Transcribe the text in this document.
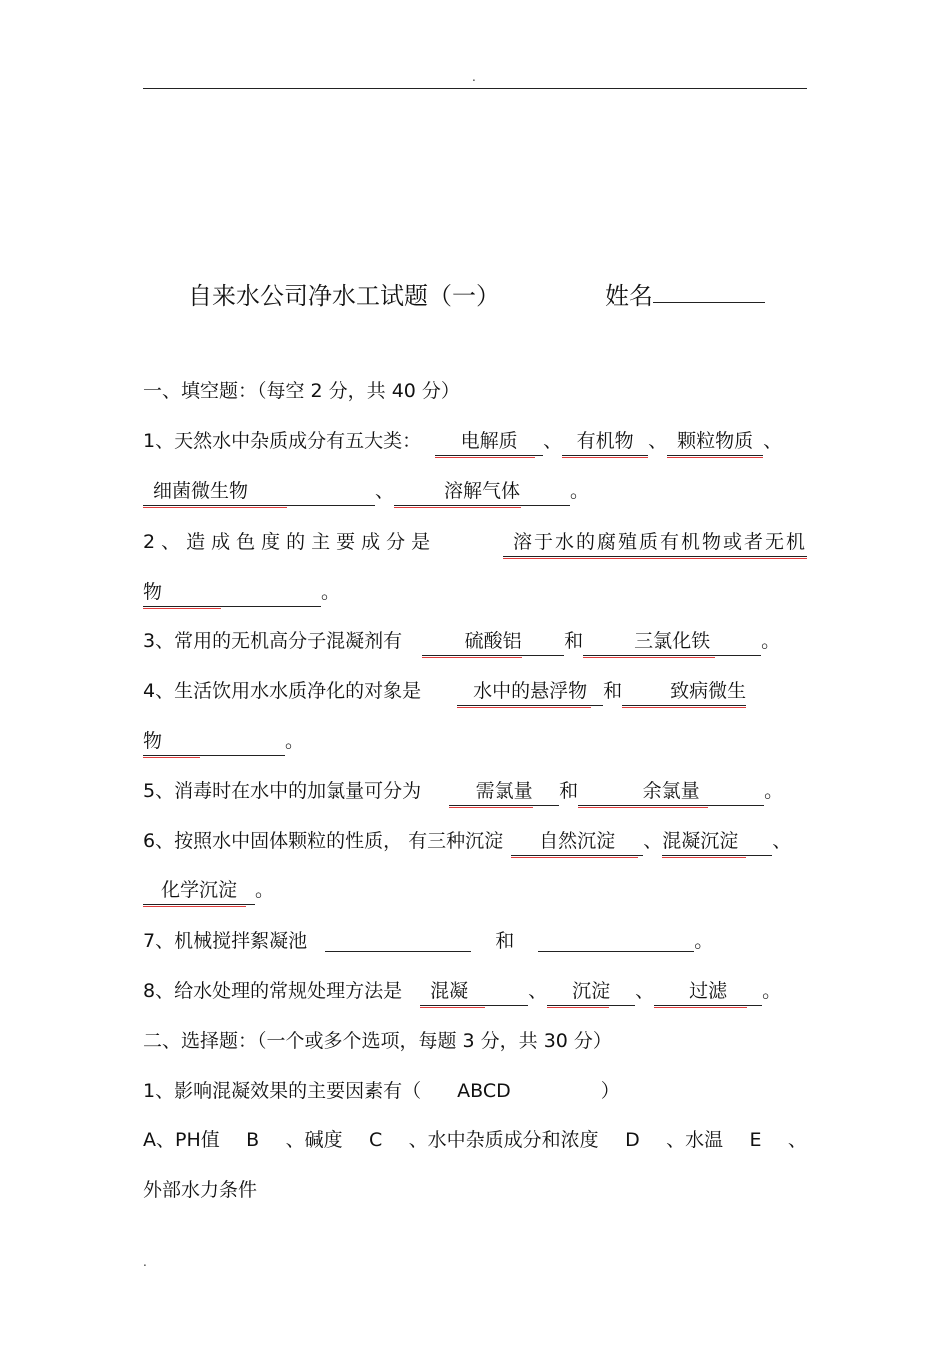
.
自来水公司净水工试题（一）	姓名
一、填空题：（每空 2 分，共 40 分）
1、天然水中杂质成分有五大类： 电解质 、 有机物 、 颗粒物质 、
细菌微生物	、	溶解气体	。
2、造成色度的主要成分是	溶于水的腐殖质有机物或者无机
物	。
3、常用的无机高分子混凝剂有	硫酸铝 和	三氯化铁	。
4、生活饮用水水质净化的对象是	水中的悬浮物 和	致病微生
物	。
5、消毒时在水中的加氯量可分为	需氯量 和	余氯量	。
6、按照水中固体颗粒的性质， 有三种沉淀 自然沉淀 、混凝沉淀 、
化学沉淀 。
7、机械搅拌絮凝池	和	。
8、给水处理的常规处理方法是 混凝	、 沉淀 、 过滤 。
二、选择题：（一个或多个选项，每题 3 分，共 30 分）
1、影响混凝效果的主要因素有（ ABCD	）
A、PH值 B 、碱度 C 、水中杂质成分和浓度 D 、水温 E 、
外部水力条件
.
